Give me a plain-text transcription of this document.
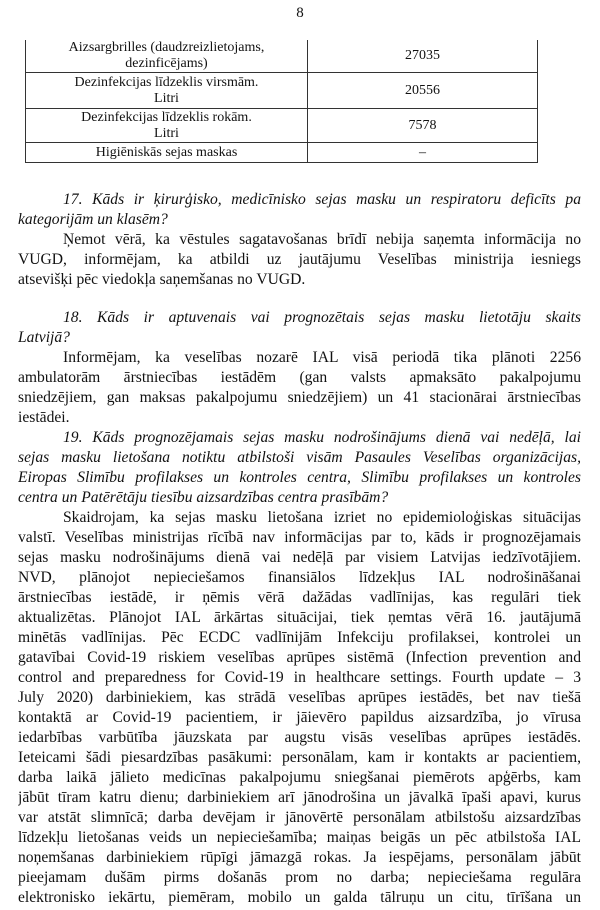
8
Aizsargbrilles (daudzreizlietojams,
dezinficējams)	27035

Dezinfekcijas līdzeklis virsmām.
Litri	20556

Dezinfekcijas līdzeklis rokām.
Litri	7578

Higiēniskās sejas maskas	–
17. Kāds ir ķirurģisko, medicīnisko sejas masku un respiratoru deficīts pa
kategorijām un klasēm?
Ņemot vērā, ka vēstules sagatavošanas brīdī nebija saņemta informācija no
VUGD, informējam, ka atbildi uz jautājumu Veselības ministrija iesniegs
atsevišķi pēc viedokļa saņemšanas no VUGD.
18. Kāds ir aptuvenais vai prognozētais sejas masku lietotāju skaits
Latvijā?
Informējam, ka veselības nozarē IAL visā periodā tika plānoti 2256
ambulatorām ārstniecības iestādēm (gan valsts apmaksāto pakalpojumu
sniedzējiem, gan maksas pakalpojumu sniedzējiem) un 41 stacionārai ārstniecības
iestādei.
19. Kāds prognozējamais sejas masku nodrošinājums dienā vai nedēļā, lai
sejas masku lietošana notiktu atbilstoši visām Pasaules Veselības organizācijas,
Eiropas Slimību profilakses un kontroles centra, Slimību profilakses un kontroles
centra un Patērētāju tiesību aizsardzības centra prasībām?
Skaidrojam, ka sejas masku lietošana izriet no epidemioloģiskas situācijas
valstī. Veselības ministrijas rīcībā nav informācijas par to, kāds ir prognozējamais
sejas masku nodrošinājums dienā vai nedēļā par visiem Latvijas iedzīvotājiem.
NVD, plānojot nepieciešamos finansiālos līdzekļus IAL nodrošināšanai
ārstniecības iestādē, ir ņēmis vērā dažādas vadlīnijas, kas regulāri tiek
aktualizētas. Plānojot IAL ārkārtas situācijai, tiek ņemtas vērā 16. jautājumā
minētās vadlīnijas. Pēc ECDC vadlīnijām Infekciju profilaksei, kontrolei un
gatavībai Covid-19 riskiem veselības aprūpes sistēmā (Infection prevention and
control and preparedness for Covid-19 in healthcare settings. Fourth update – 3
July 2020) darbiniekiem, kas strādā veselības aprūpes iestādēs, bet nav tiešā
kontaktā ar Covid-19 pacientiem, ir jāievēro papildus aizsardzība, jo vīrusa
iedarbības varbūtība jāuzskata par augstu visās veselības aprūpes iestādēs.
Ieteicami šādi piesardzības pasākumi: personālam, kam ir kontakts ar pacientiem,
darba laikā jālieto medicīnas pakalpojumu sniegšanai piemērots apģērbs, kam
jābūt tīram katru dienu; darbiniekiem arī jānodrošina un jāvalkā īpaši apavi, kurus
var atstāt slimnīcā; darba devējam ir jānovērtē personālam atbilstošu aizsardzības
līdzekļu lietošanas veids un nepieciešamība; maiņas beigās un pēc atbilstoša IAL
noņemšanas darbiniekiem rūpīgi jāmazgā rokas. Ja iespējams, personālam jābūt
pieejamam dušām pirms došanās prom no darba; nepieciešama regulāra
elektronisko iekārtu, piemēram, mobilo un galda tālruņu un citu, tīrīšana un
